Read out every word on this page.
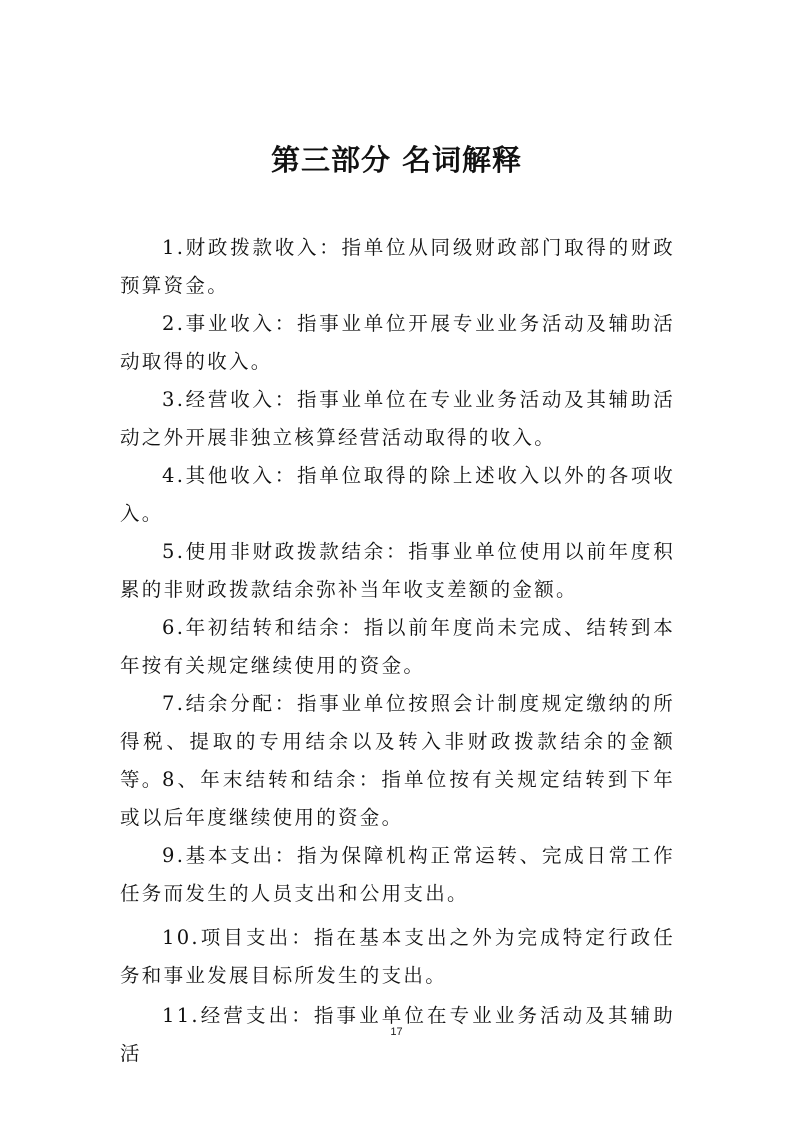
第三部分 名词解释
1.财政拨款收入：指单位从同级财政部门取得的财政预算资金。
2.事业收入：指事业单位开展专业业务活动及辅助活动取得的收入。
3.经营收入：指事业单位在专业业务活动及其辅助活动之外开展非独立核算经营活动取得的收入。
4.其他收入：指单位取得的除上述收入以外的各项收入。
5.使用非财政拨款结余：指事业单位使用以前年度积累的非财政拨款结余弥补当年收支差额的金额。
6.年初结转和结余：指以前年度尚未完成、结转到本年按有关规定继续使用的资金。
7.结余分配：指事业单位按照会计制度规定缴纳的所得税、提取的专用结余以及转入非财政拨款结余的金额等。
8、年末结转和结余：指单位按有关规定结转到下年或以后年度继续使用的资金。
9.基本支出：指为保障机构正常运转、完成日常工作任务而发生的人员支出和公用支出。
10.项目支出：指在基本支出之外为完成特定行政任务和事业发展目标所发生的支出。
11.经营支出：指事业单位在专业业务活动及其辅助活
17
